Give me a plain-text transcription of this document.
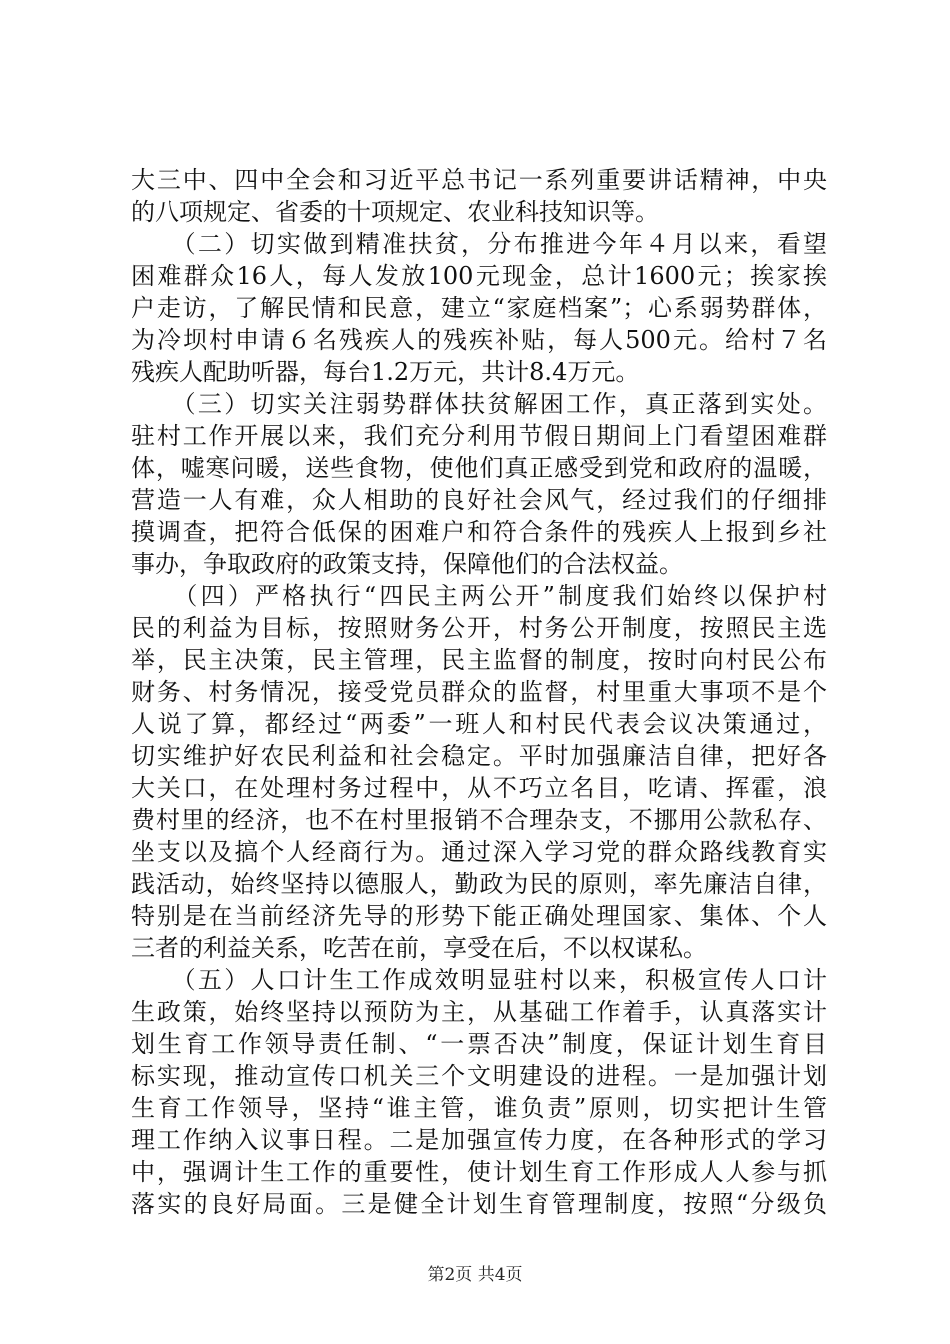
大三中、四中全会和习近平总书记一系列重要讲话精神，中央
的八项规定、省委的十项规定、农业科技知识等。
　　（二）切实做到精准扶贫，分布推进今年４月以来，看望
困难群众16人，每人发放100元现金，总计1600元；挨家挨
户走访，了解民情和民意，建立“家庭档案”；心系弱势群体，
为冷坝村申请６名残疾人的残疾补贴，每人500元。给村７名
残疾人配助听器，每台1.2万元，共计8.4万元。
　　（三）切实关注弱势群体扶贫解困工作，真正落到实处。
驻村工作开展以来，我们充分利用节假日期间上门看望困难群
体，嘘寒问暖，送些食物，使他们真正感受到党和政府的温暖，
营造一人有难，众人相助的良好社会风气，经过我们的仔细排
摸调查，把符合低保的困难户和符合条件的残疾人上报到乡社
事办，争取政府的政策支持，保障他们的合法权益。
　　（四）严格执行“四民主两公开”制度我们始终以保护村
民的利益为目标，按照财务公开，村务公开制度，按照民主选
举，民主决策，民主管理，民主监督的制度，按时向村民公布
财务、村务情况，接受党员群众的监督，村里重大事项不是个
人说了算，都经过“两委”一班人和村民代表会议决策通过，
切实维护好农民利益和社会稳定。平时加强廉洁自律，把好各
大关口，在处理村务过程中，从不巧立名目，吃请、挥霍，浪
费村里的经济，也不在村里报销不合理杂支，不挪用公款私存、
坐支以及搞个人经商行为。通过深入学习党的群众路线教育实
践活动，始终坚持以德服人，勤政为民的原则，率先廉洁自律，
特别是在当前经济先导的形势下能正确处理国家、集体、个人
三者的利益关系，吃苦在前，享受在后，不以权谋私。
　　（五）人口计生工作成效明显驻村以来，积极宣传人口计
生政策，始终坚持以预防为主，从基础工作着手，认真落实计
划生育工作领导责任制、“一票否决”制度，保证计划生育目
标实现，推动宣传口机关三个文明建设的进程。一是加强计划
生育工作领导，坚持“谁主管，谁负责”原则，切实把计生管
理工作纳入议事日程。二是加强宣传力度，在各种形式的学习
中，强调计生工作的重要性，使计划生育工作形成人人参与抓
落实的良好局面。三是健全计划生育管理制度，按照“分级负
第2页 共4页
